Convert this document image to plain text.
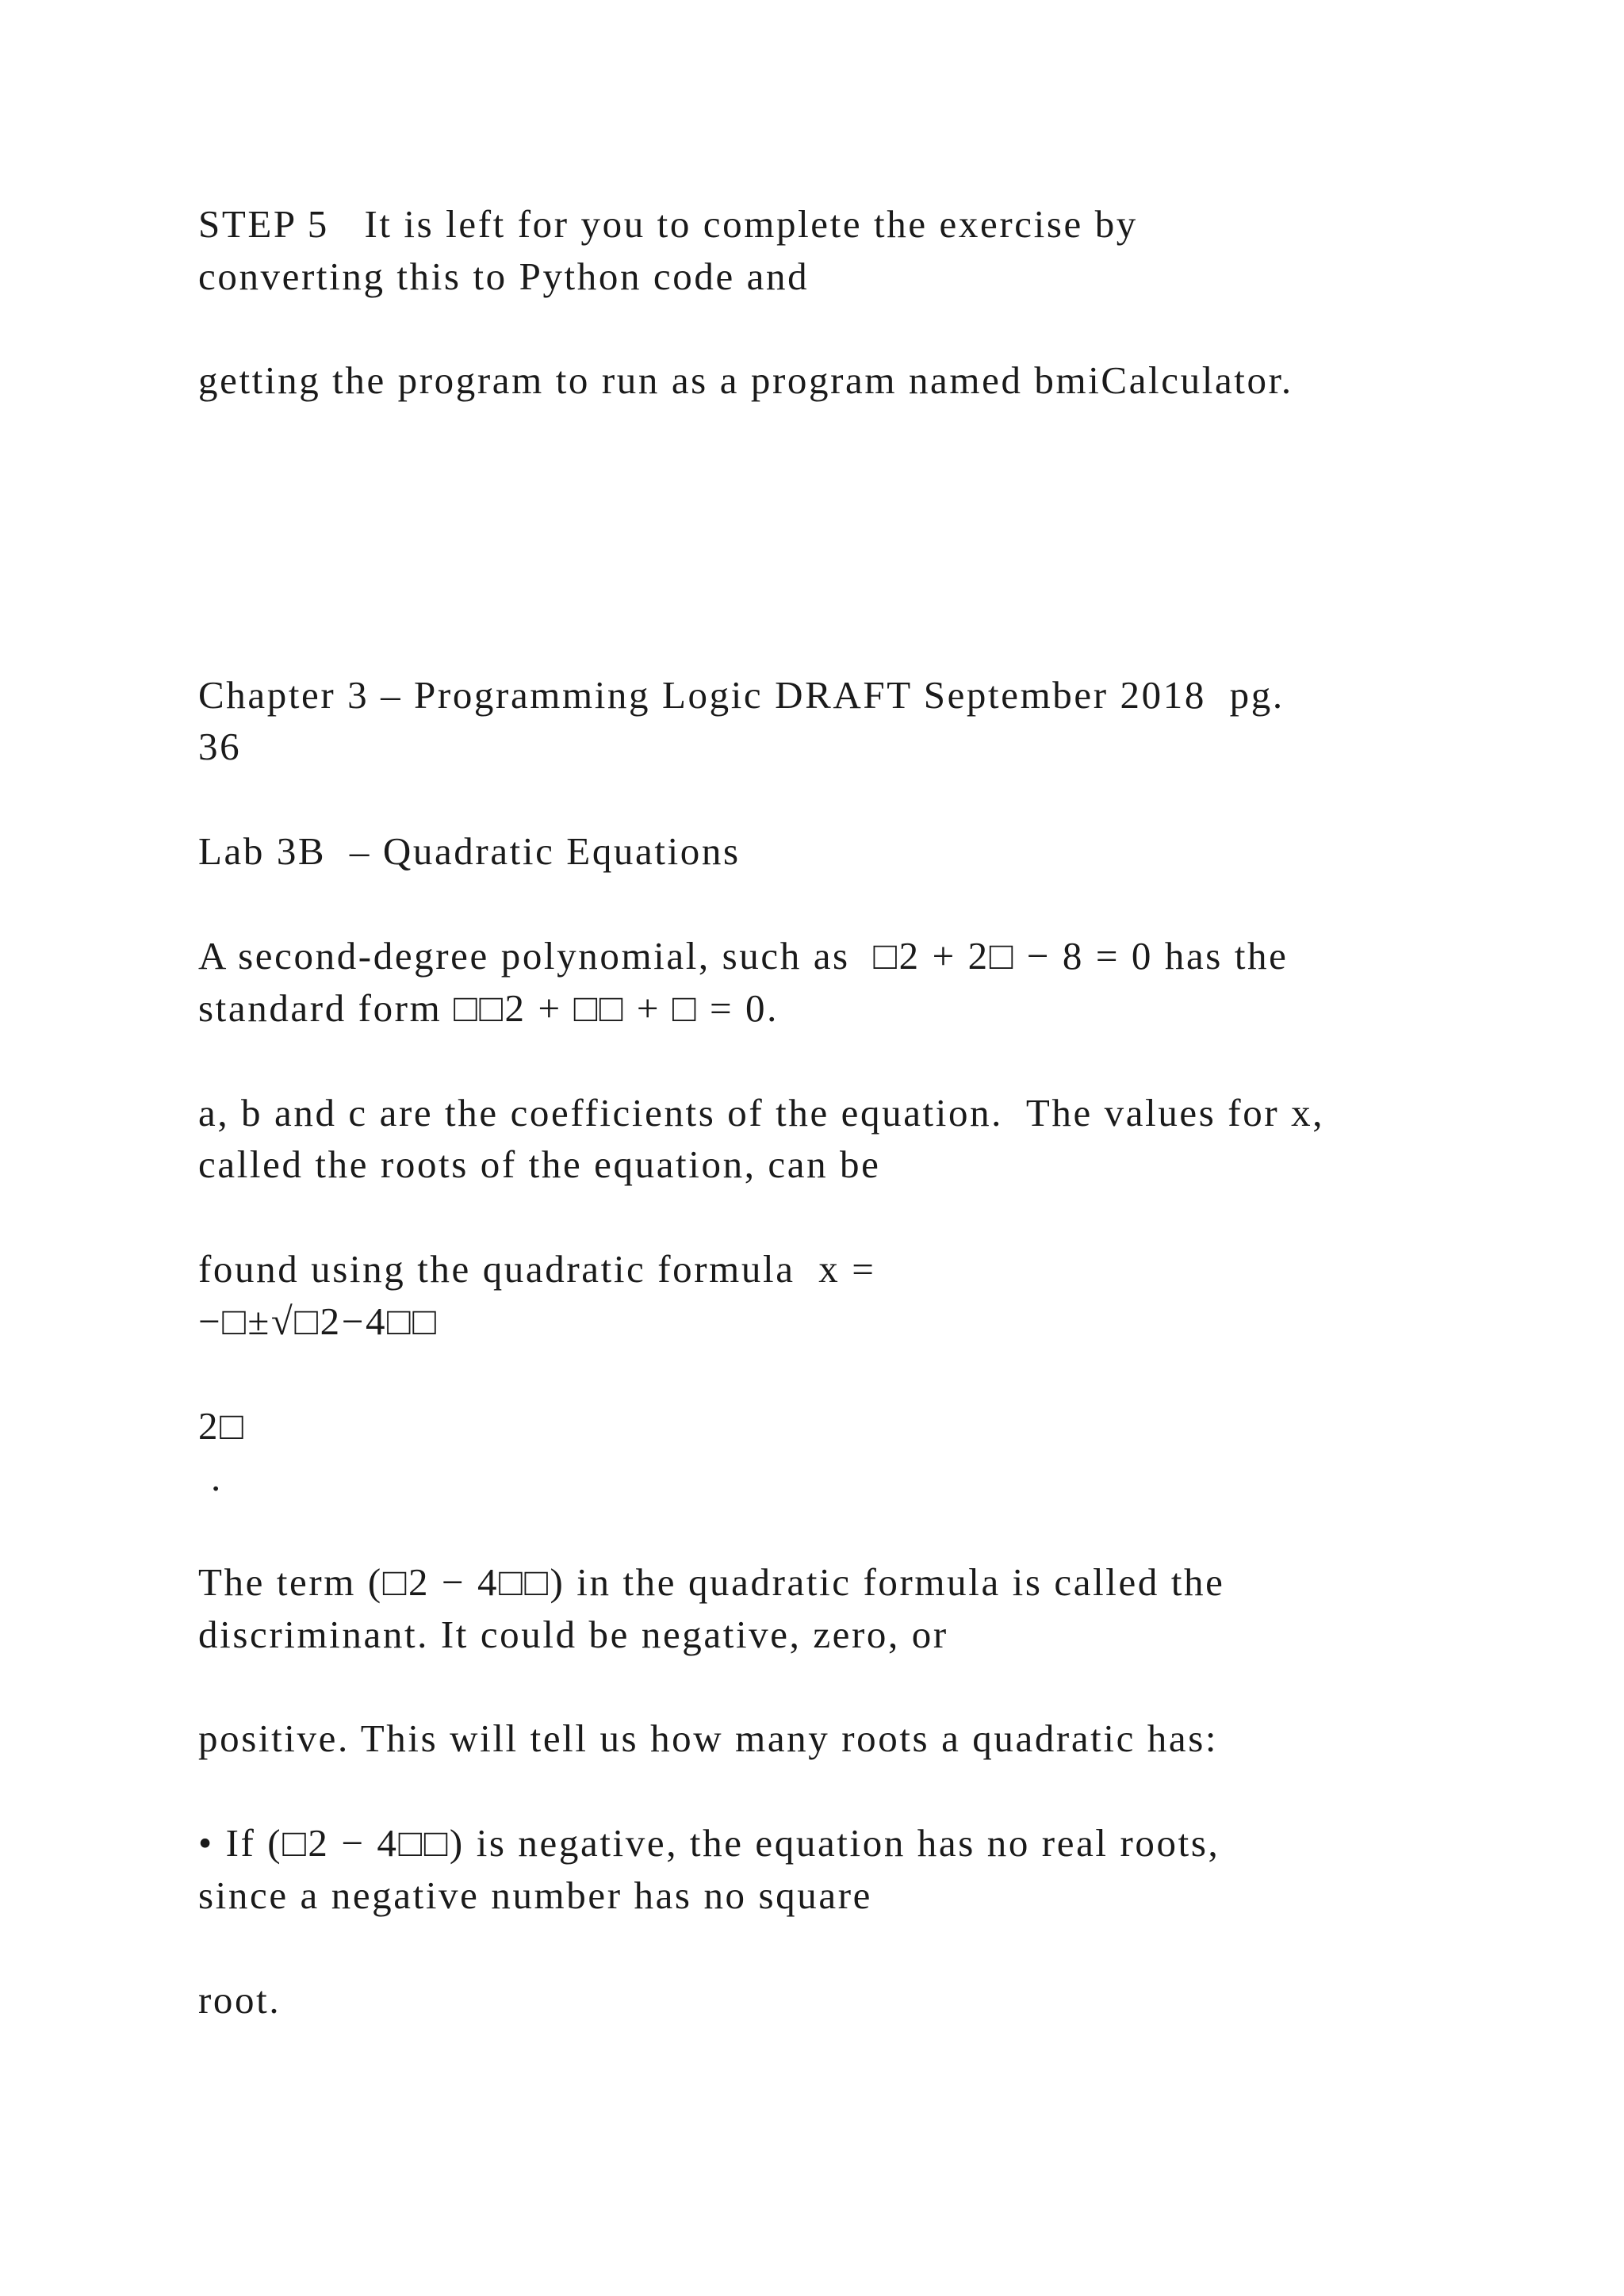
STEP 5   It is left for you to complete the exercise by

converting this to Python code and

getting the program to run as a program named bmiCalculator.

Chapter 3 – Programming Logic DRAFT September 2018  pg.

36

Lab 3B  – Quadratic Equations

A second-degree polynomial, such as  □2 + 2□ − 8 = 0 has the

standard form □□2 + □□ + □ = 0.

a, b and c are the coefficients of the equation.  The values for x,

called the roots of the equation, can be

found using the quadratic formula  x =

−□±√□2−4□□

2□

.

The term (□2 − 4□□) in the quadratic formula is called the

discriminant. It could be negative, zero, or

positive. This will tell us how many roots a quadratic has:

• If (□2 − 4□□) is negative, the equation has no real roots,

since a negative number has no square

root.
